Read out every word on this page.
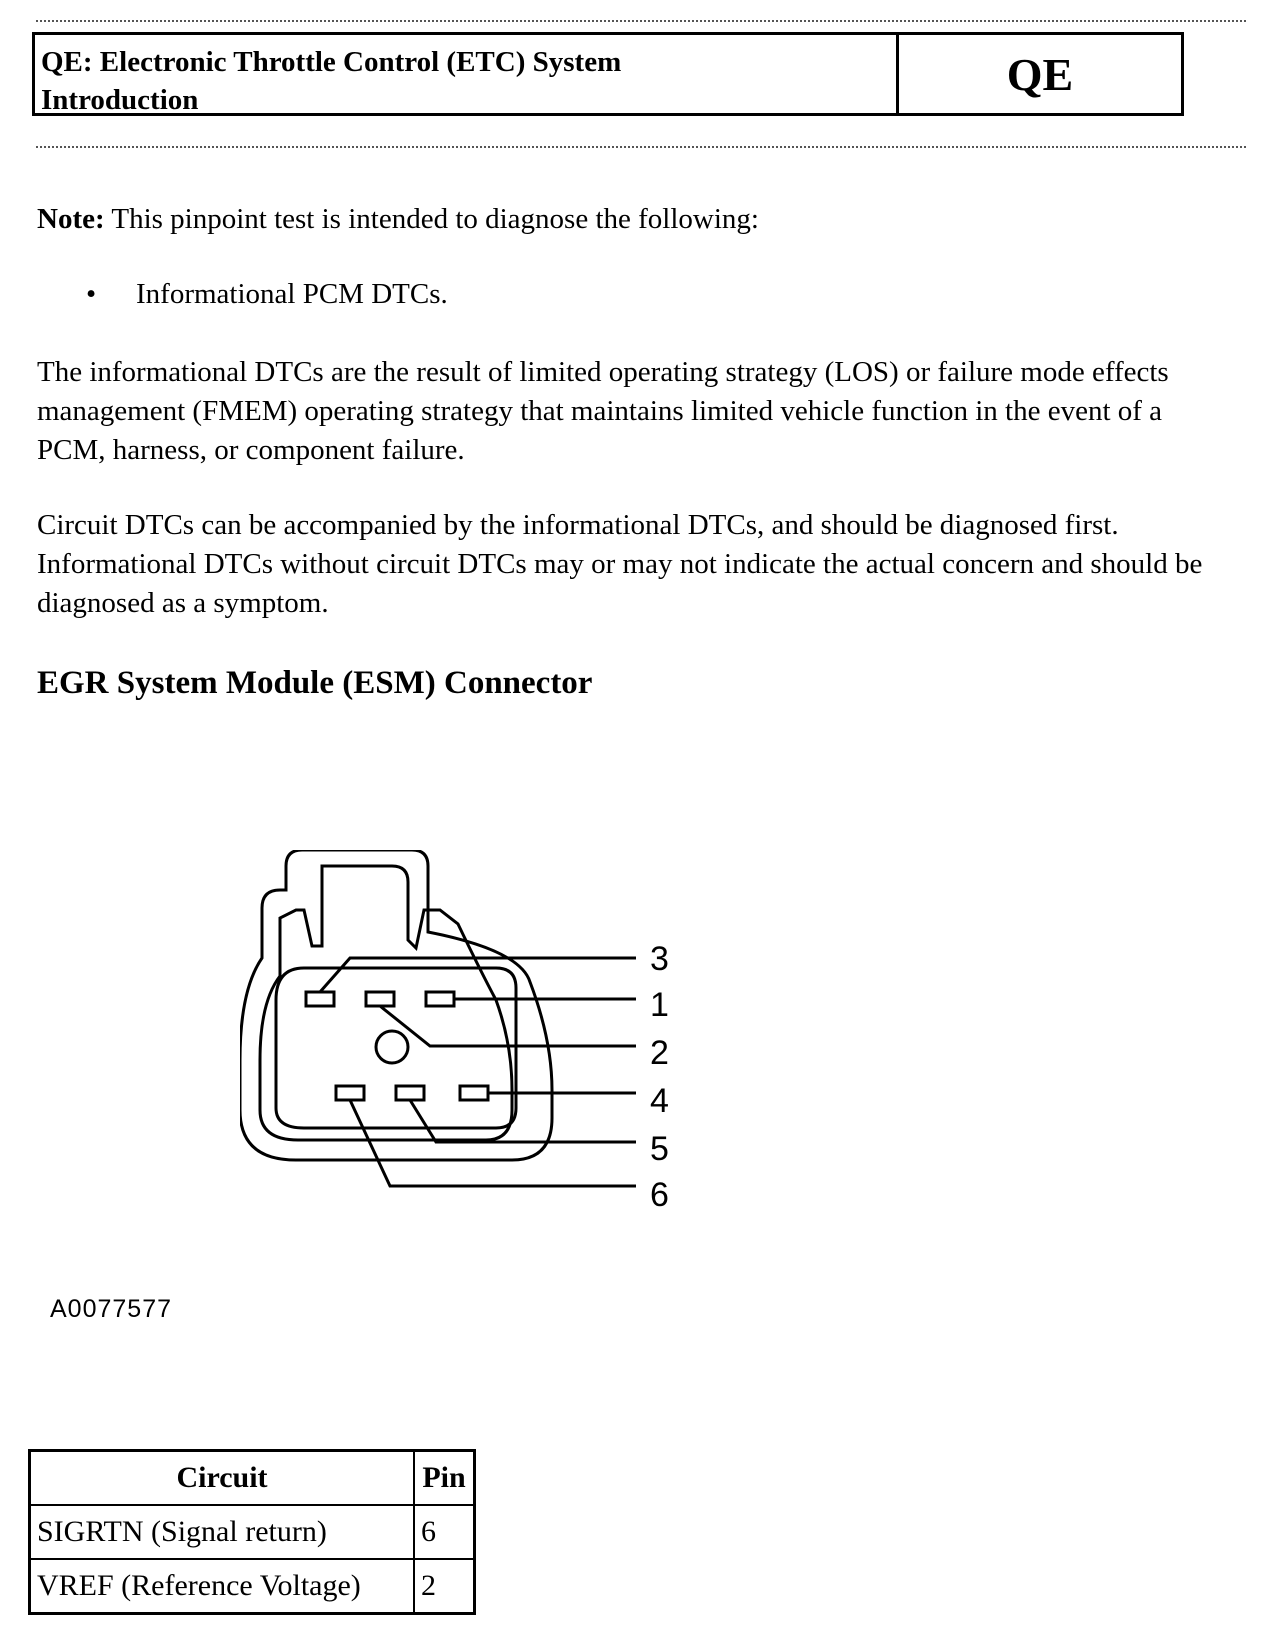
QE: Electronic Throttle Control (ETC) System
Introduction
QE
Note: This pinpoint test is intended to diagnose the following:
•	Informational PCM DTCs.
The informational DTCs are the result of limited operating strategy (LOS) or failure mode effects management (FMEM) operating strategy that maintains limited vehicle function in the event of a PCM, harness, or component failure.
Circuit DTCs can be accompanied by the informational DTCs, and should be diagnosed first. Informational DTCs without circuit DTCs may or may not indicate the actual concern and should be diagnosed as a symptom.
EGR System Module (ESM) Connector
3
1
2
4
5
6
A0077577
Circuit	Pin
SIGRTN (Signal return)	6
VREF (Reference Voltage)	2
